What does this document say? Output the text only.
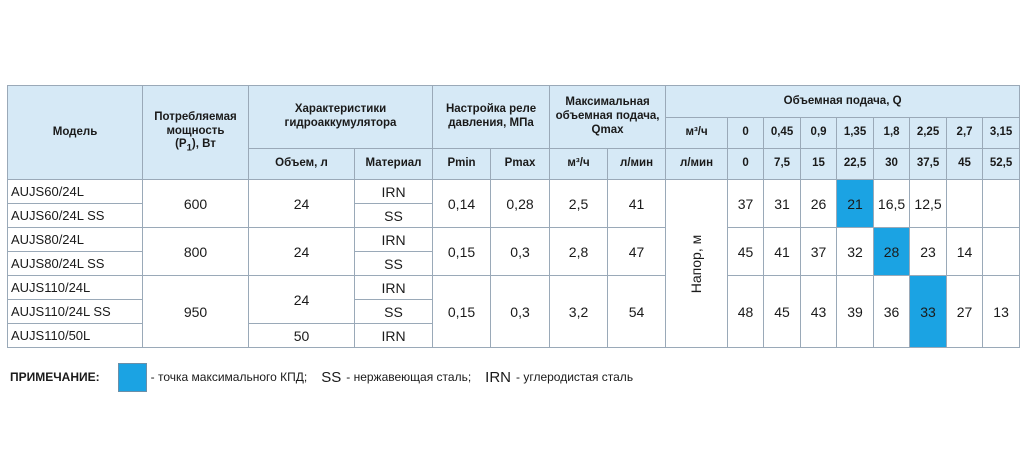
Модель	Потребляемая
мощность
$(P_1)$, Вт	Характеристики гидроаккумулятора		Настройка реле давления, МПа		Максимальная объемная подача, Qmax		Объемная подача, Q								
								м³/ч	0	0,45	0,9	1,35	1,8	2,25	2,7	3,15
		Объем, л	Материал	Pmin	Pmax	м³/ч	л/мин	л/мин	0	7,5	15	22,5	30	37,5	45	52,5
AUJS60/24L	600	24	IRN	0,14	0,28	2,5	41	Напор, м	37	31	26	21	16,5	12,5		
AUJS60/24L SS			SS													
AUJS80/24L	800	24	IRN	0,15	0,3	2,8	47		45	41	37	32	28	23	14	
AUJS80/24L SS			SS													
AUJS110/24L	950	24	IRN	0,15	0,3	3,2	54		48	45	43	39	36	33	27	13
AUJS110/24L SS			SS													
AUJS110/50L		50	IRN													
ПРИМЕЧАНИЕ:	- точка максимального КПД; SS - нержавеющая сталь; IRN - углеродистая сталь
